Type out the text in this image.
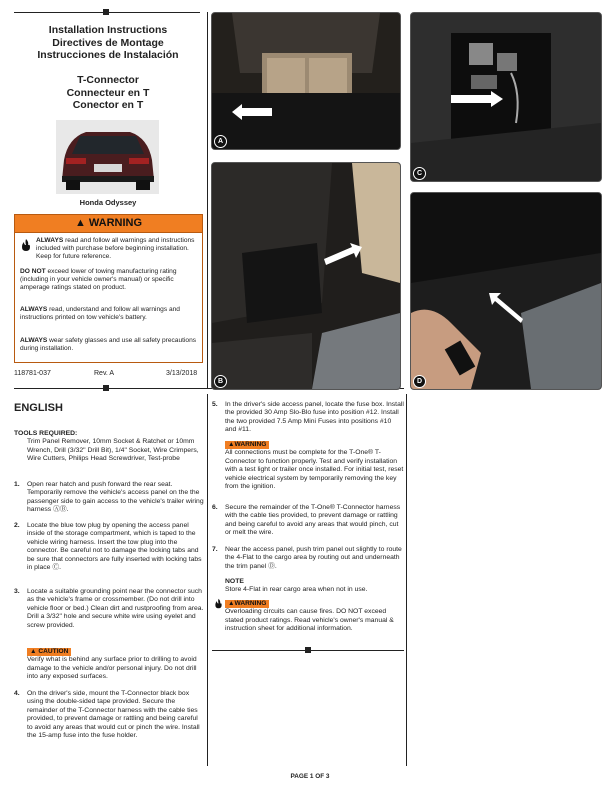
Installation Instructions
Directives de Montage
Instrucciones de Instalación
T-Connector
Connecteur en T
Conector en T
Honda Odyssey
▲ WARNING
ALWAYS read and follow all warnings and instructions included with purchase before beginning installation. Keep for future reference.
DO NOT exceed lower of towing manufacturing rating (including in your vehicle owner's manual) or specific amperage ratings stated on product.
ALWAYS read, understand and follow all warnings and instructions printed on tow vehicle's battery.
ALWAYS wear safety glasses and use all safety precautions during installation.
118781-037	Rev. A	3/13/2018
A
B
C
D
ENGLISH
TOOLS REQUIRED:
Trim Panel Remover, 10mm Socket & Ratchet or 10mm Wrench, Drill (3/32" Drill Bit), 1/4" Socket, Wire Crimpers, Wire Cutters, Philips Head Screwdriver, Test-probe
1. Open rear hatch and push forward the rear seat. Temporarily remove the vehicle's access panel on the the passenger side to gain access to the vehicle's trailer wiring harness ⒶⒷ.
2. Locate the blue tow plug by opening the access panel inside of the storage compartment, which is taped to the vehicle wiring harness. Insert the tow plug into the connector. Be careful not to damage the locking tabs and be sure that connectors are fully inserted with locking tabs in place Ⓒ.
3. Locate a suitable grounding point near the connector such as the vehicle's frame or crossmember. (Do not drill into vehicle floor or bed.) Clean dirt and rustproofing from area. Drill a 3/32" hole and secure white wire using eyelet and screw provided.
▲ CAUTION
Verify what is behind any surface prior to drilling to avoid damage to the vehicle and/or personal injury. Do not drill into any exposed surfaces.
4. On the driver's side, mount the T-Connector black box using the double-sided tape provided. Secure the remainder of the T-Connector harness with the cable ties provided, to prevent damage or rattling and being careful to avoid any areas that would cut or pinch the wire. Install the 15-amp fuse into the fuse holder.
5. In the driver's side access panel, locate the fuse box. Install the provided 30 Amp Slo-Blo fuse into position #12. Install the two provided 7.5 Amp Mini Fuses into positions #10 and #11.
▲WARNING
All connections must be complete for the T-One® T-Connector to function properly. Test and verify installation with a test light or trailer once installed. For initial test, reset vehicle electrical system by temporarily removing the key from the ignition.
6. Secure the remainder of the T-One® T-Connector harness with the cable ties provided, to prevent damage or rattling and being careful to avoid any areas that would pinch, cut or melt the wire.
7. Near the access panel, push trim panel out slightly to route the 4-Flat to the cargo area by routing out and underneath the trim panel Ⓓ.
NOTE
Store 4-Flat in rear cargo area when not in use.
▲WARNING
Overloading circuits can cause fires. DO NOT exceed stated product ratings. Read vehicle's owner's manual & instruction sheet for additional information.
PAGE 1 OF 3
